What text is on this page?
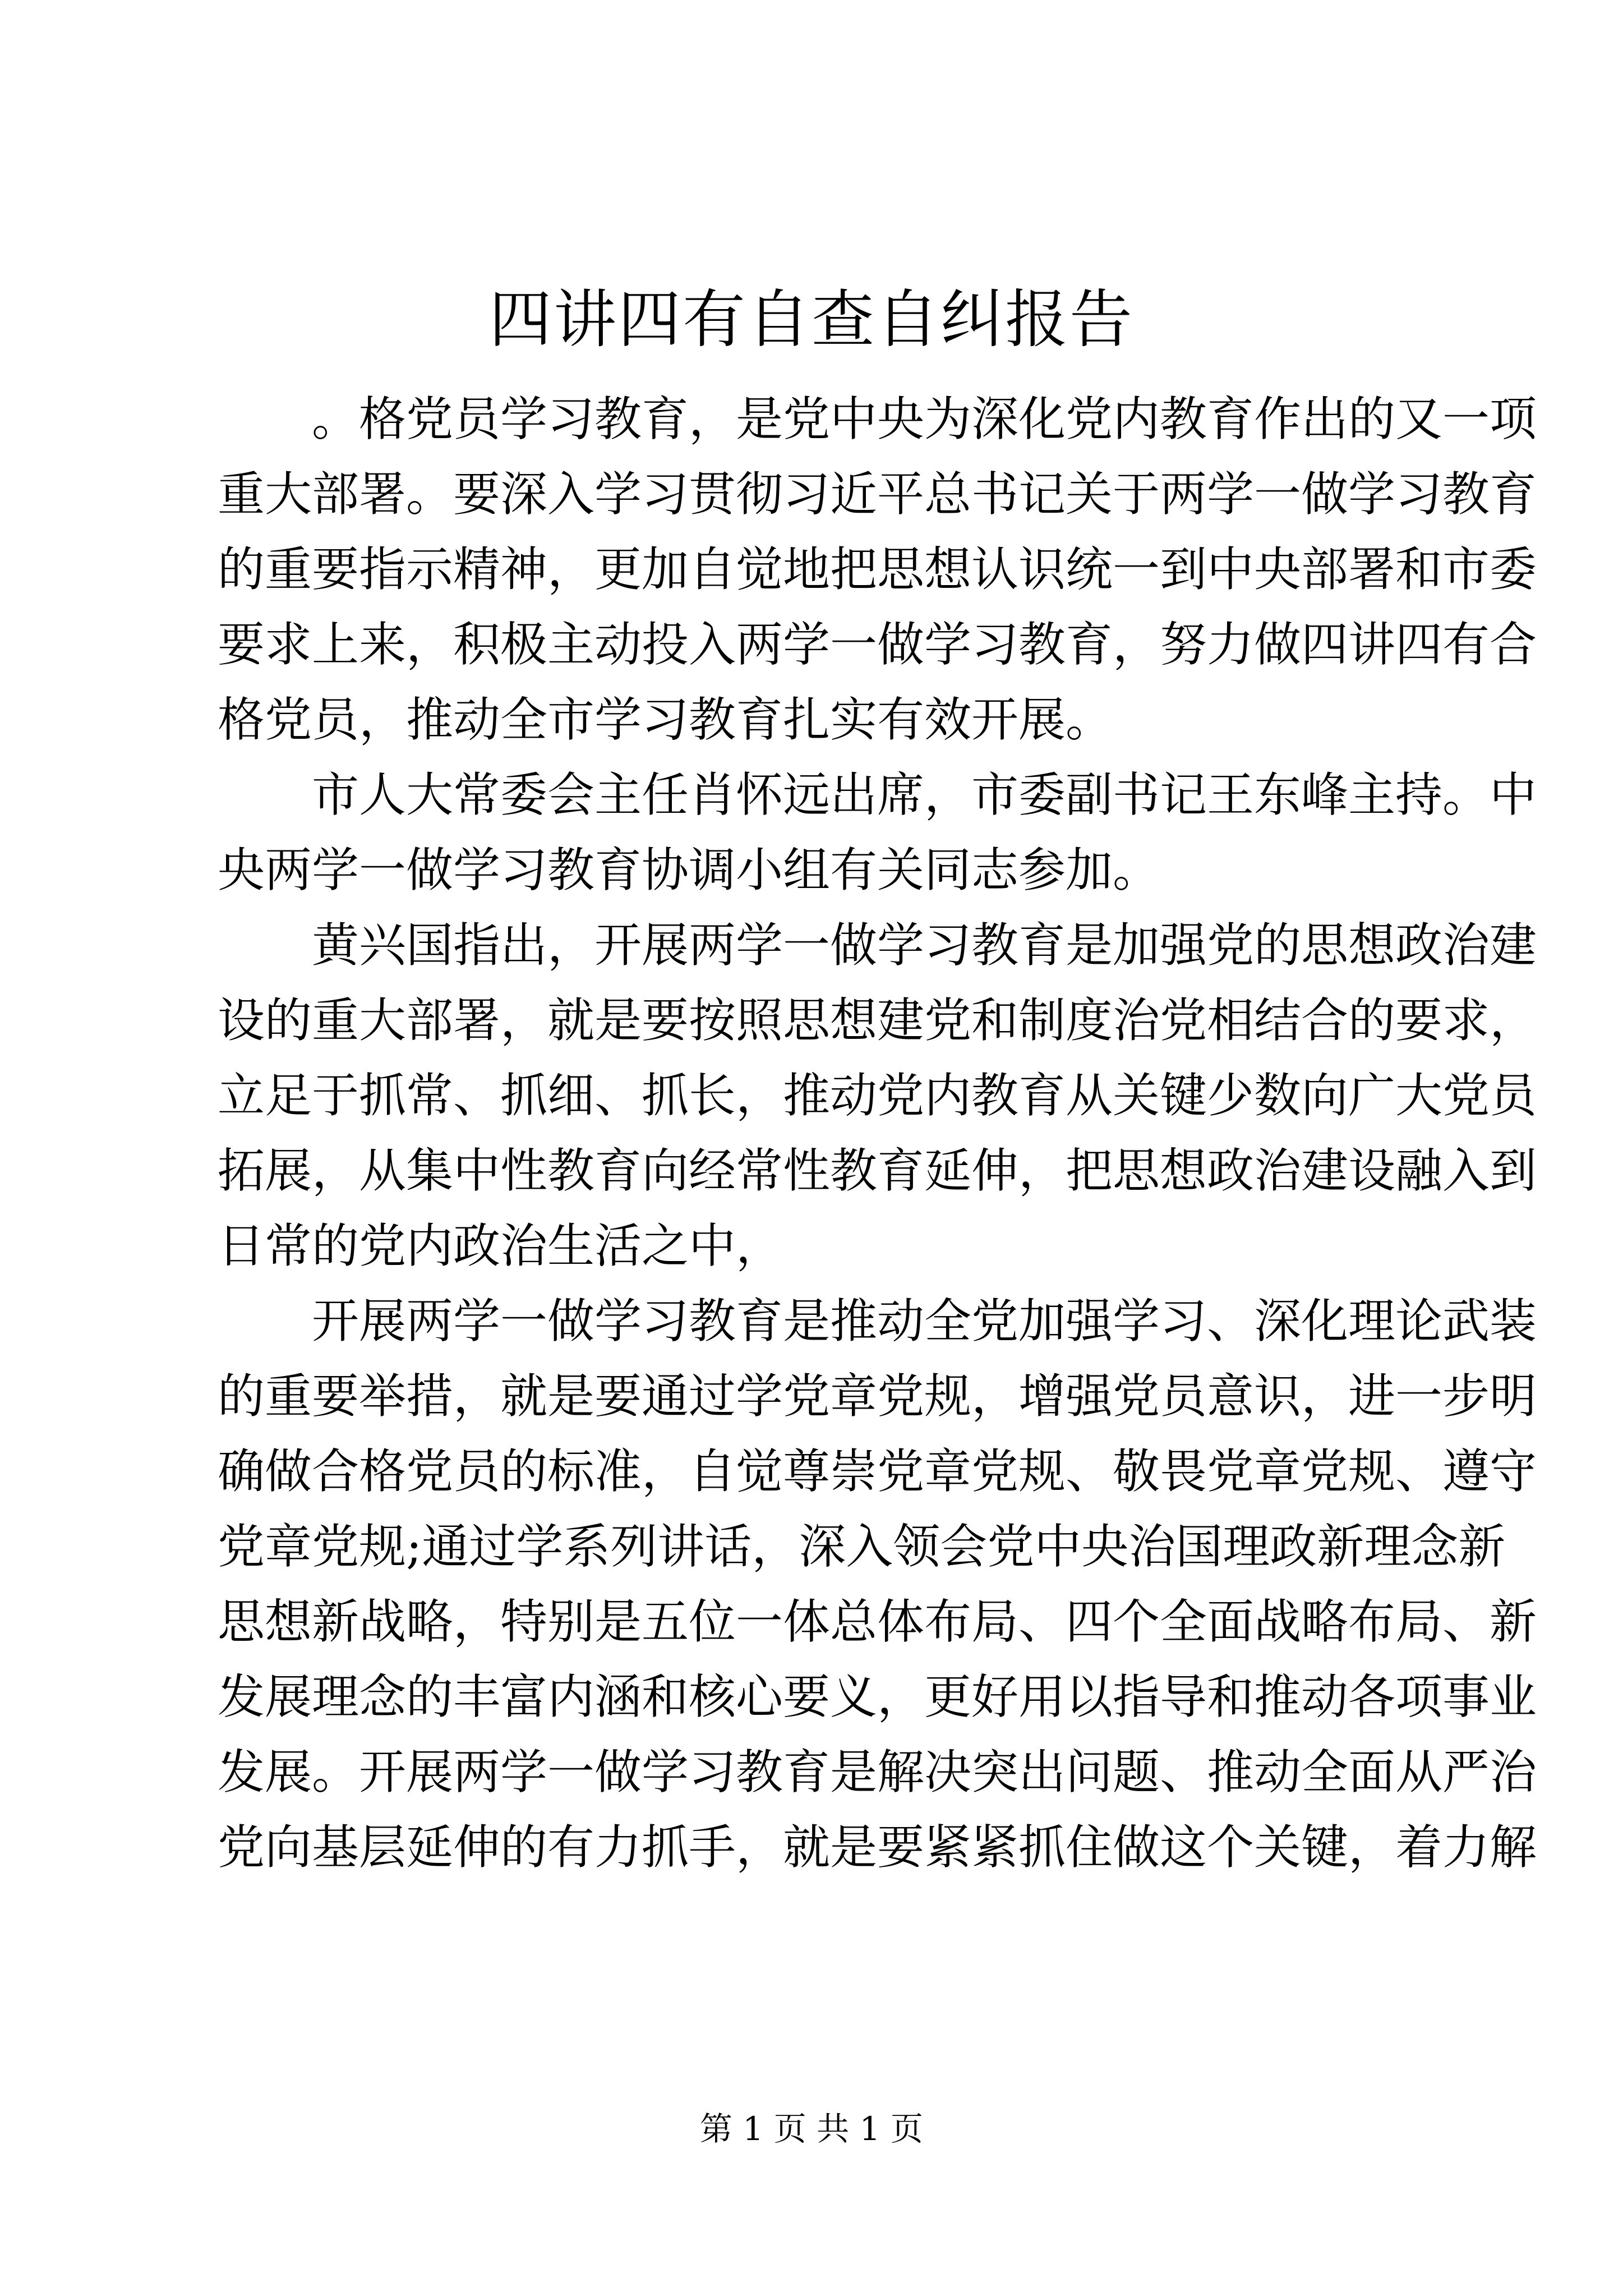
四讲四有自查自纠报告
　　。格党员学习教育，是党中央为深化党内教育作出的又一项
重大部署。要深入学习贯彻习近平总书记关于两学一做学习教育
的重要指示精神，更加自觉地把思想认识统一到中央部署和市委
要求上来，积极主动投入两学一做学习教育，努力做四讲四有合
格党员，推动全市学习教育扎实有效开展。
　　市人大常委会主任肖怀远出席，市委副书记王东峰主持。中
央两学一做学习教育协调小组有关同志参加。
　　黄兴国指出，开展两学一做学习教育是加强党的思想政治建
设的重大部署，就是要按照思想建党和制度治党相结合的要求，
立足于抓常、抓细、抓长，推动党内教育从关键少数向广大党员
拓展，从集中性教育向经常性教育延伸，把思想政治建设融入到
日常的党内政治生活之中，
　　开展两学一做学习教育是推动全党加强学习、深化理论武装
的重要举措，就是要通过学党章党规，增强党员意识，进一步明
确做合格党员的标准，自觉尊崇党章党规、敬畏党章党规、遵守
党章党规;通过学系列讲话，深入领会党中央治国理政新理念新
思想新战略，特别是五位一体总体布局、四个全面战略布局、新
发展理念的丰富内涵和核心要义，更好用以指导和推动各项事业
发展。开展两学一做学习教育是解决突出问题、推动全面从严治
党向基层延伸的有力抓手，就是要紧紧抓住做这个关键，着力解
第 1 页 共 1 页
